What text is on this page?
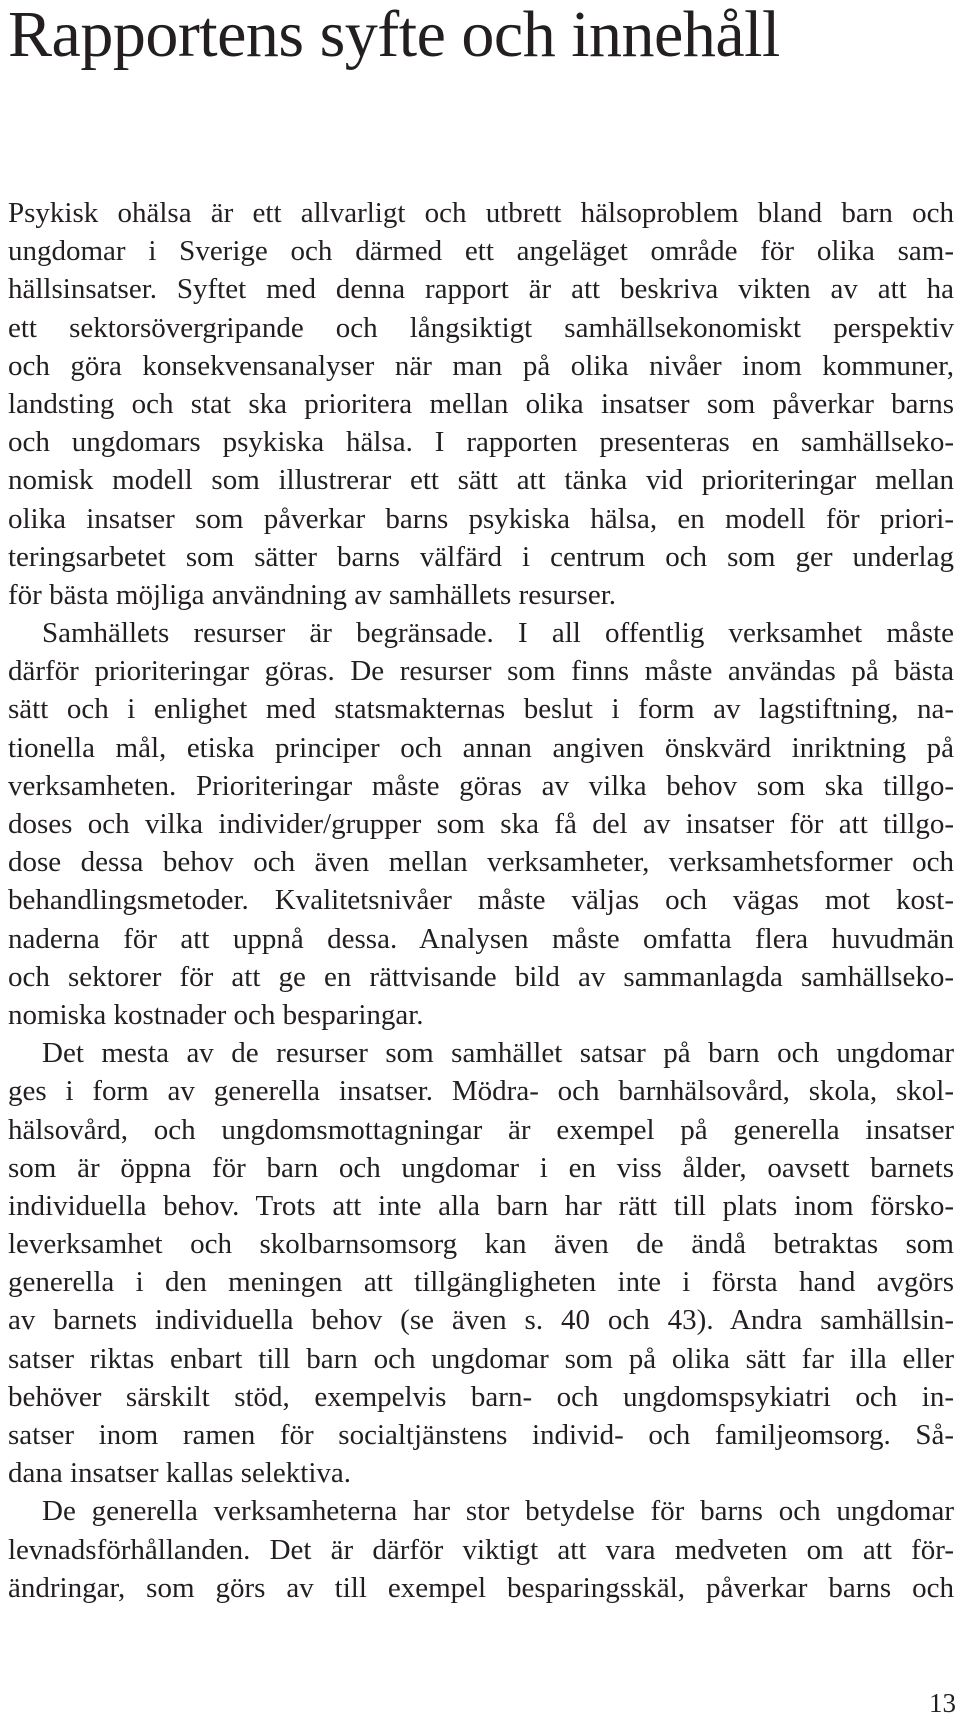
Rapportens syfte och innehåll
Psykisk ohälsa är ett allvarligt och utbrett hälsoproblem bland barn och
ungdomar i Sverige och därmed ett angeläget område för olika sam-
hällsinsatser. Syftet med denna rapport är att beskriva vikten av att ha
ett sektorsövergripande och långsiktigt samhällsekonomiskt perspektiv
och göra konsekvensanalyser när man på olika nivåer inom kommuner,
landsting och stat ska prioritera mellan olika insatser som påverkar barns
och ungdomars psykiska hälsa. I rapporten presenteras en samhällseko-
nomisk modell som illustrerar ett sätt att tänka vid prioriteringar mellan
olika insatser som påverkar barns psykiska hälsa, en modell för priori-
teringsarbetet som sätter barns välfärd i centrum och som ger underlag
för bästa möjliga användning av samhällets resurser.
Samhällets resurser är begränsade. I all offentlig verksamhet måste
därför prioriteringar göras. De resurser som finns måste användas på bästa
sätt och i enlighet med statsmakternas beslut i form av lagstiftning, na-
tionella mål, etiska principer och annan angiven önskvärd inriktning på
verksamheten. Prioriteringar måste göras av vilka behov som ska tillgo-
doses och vilka individer/grupper som ska få del av insatser för att tillgo-
dose dessa behov och även mellan verksamheter, verksamhetsformer och
behandlingsmetoder. Kvalitetsnivåer måste väljas och vägas mot kost-
naderna för att uppnå dessa. Analysen måste omfatta flera huvudmän
och sektorer för att ge en rättvisande bild av sammanlagda samhällseko-
nomiska kostnader och besparingar.
Det mesta av de resurser som samhället satsar på barn och ungdomar
ges i form av generella insatser. Mödra- och barnhälsovård, skola, skol-
hälsovård, och ungdomsmottagningar är exempel på generella insatser
som är öppna för barn och ungdomar i en viss ålder, oavsett barnets
individuella behov. Trots att inte alla barn har rätt till plats inom försko-
leverksamhet och skolbarnsomsorg kan även de ändå betraktas som
generella i den meningen att tillgängligheten inte i första hand avgörs
av barnets individuella behov (se även s. 40 och 43). Andra samhällsin-
satser riktas enbart till barn och ungdomar som på olika sätt far illa eller
behöver särskilt stöd, exempelvis barn- och ungdomspsykiatri och in-
satser inom ramen för socialtjänstens individ- och familjeomsorg. Så-
dana insatser kallas selektiva.
De generella verksamheterna har stor betydelse för barns och ungdomar
levnadsförhållanden. Det är därför viktigt att vara medveten om att för-
ändringar, som görs av till exempel besparingsskäl, påverkar barns och
13
